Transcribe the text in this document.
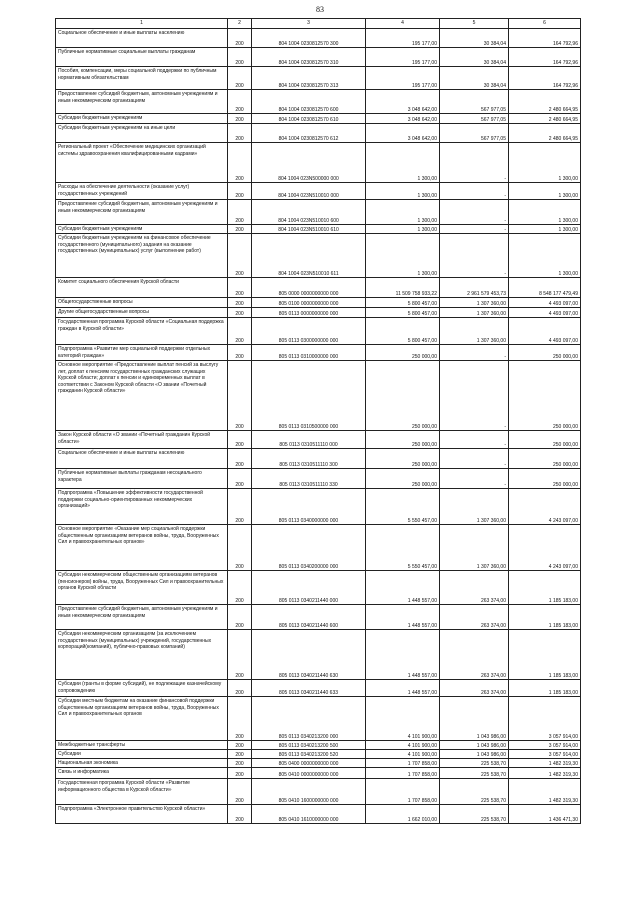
83
1	2	3	4	5	6
Социальное обеспечение и иные выплаты населению	200	804 1004 0230812570 300	195 177,00	30 384,04	164 792,96
Публичные нормативные социальные выплаты гражданам	200	804 1004 0230812570 310	195 177,00	30 384,04	164 792,96
Пособия, компенсации, меры социальной поддержки по публичным нормативным обязательствам	200	804 1004 0230812570 313	195 177,00	30 384,04	164 792,96
Предоставление субсидий бюджетным, автономным учреждениям и иным некоммерческим организациям	200	804 1004 0230812570 600	3 048 642,00	567 977,05	2 480 664,95
Субсидии бюджетным учреждениям	200	804 1004 0230812570 610	3 048 642,00	567 977,05	2 480 664,95
Субсидии бюджетным учреждениям на иные цели	200	804 1004 0230812570 612	3 048 642,00	567 977,05	2 480 664,95
Региональный проект «Обеспечение медицинских организаций системы здравоохранения квалифицированными кадрами»	200	804 1004 023N500000 000	1 300,00	-	1 300,00
Расходы на обеспечение деятельности (оказание услуг) государственных учреждений	200	804 1004 023N510010 000	1 300,00	-	1 300,00
Предоставление субсидий бюджетным, автономным учреждениям и иным некоммерческим организациям	200	804 1004 023N510010 600	1 300,00	-	1 300,00
Субсидии бюджетным учреждениям	200	804 1004 023N510010 610	1 300,00	-	1 300,00
Субсидии бюджетным учреждениям на финансовое обеспечение государственного (муниципального) задания на оказание государственных (муниципальных) услуг (выполнение работ)	200	804 1004 023N510010 611	1 300,00	-	1 300,00
Комитет социального обеспечения Курской области	200	805 0000 0000000000 000	11 509 758 933,22	2 961 579 453,73	8 548 177 479,49
Общегосударственные вопросы	200	805 0100 0000000000 000	5 800 457,00	1 307 360,00	4 493 097,00
Другие общегосударственные вопросы	200	805 0113 0000000000 000	5 800 457,00	1 307 360,00	4 493 097,00
Государственная программа Курской области «Социальная поддержка граждан в Курской области»	200	805 0113 0300000000 000	5 800 457,00	1 307 360,00	4 493 097,00
Подпрограмма «Развитие мер социальной поддержки отдельных категорий граждан»	200	805 0113 0310000000 000	250 000,00	-	250 000,00
Основное мероприятие «Предоставление выплат пенсий за выслугу лет, доплат к пенсиям государственных гражданских служащих Курской области; доплат к пенсии и единовременных выплат в соответствии с Законом Курской области «О звании «Почетный гражданин Курской области»	200	805 0113 0310500000 000	250 000,00	-	250 000,00
Закон Курской области «О звании «Почетный гражданин Курской области»	200	805 0113 0310511110 000	250 000,00	-	250 000,00
Социальное обеспечение и иные выплаты населению	200	805 0113 0310511110 300	250 000,00	-	250 000,00
Публичные нормативные выплаты гражданам несоциального характера	200	805 0113 0310511110 330	250 000,00	-	250 000,00
Подпрограмма «Повышение эффективности государственной поддержки социально-ориентированных некоммерческих организаций»	200	805 0113 0340000000 000	5 550 457,00	1 307 360,00	4 243 097,00
Основное мероприятие «Оказание мер социальной поддержки общественным организациям ветеранов войны, труда, Вооруженных Сил и правоохранительных органов»	200	805 0113 0340200000 000	5 550 457,00	1 307 360,00	4 243 097,00
Субсидии некоммерческим общественным организациям ветеранов (пенсионеров) войны, труда, Вооруженных Сил и правоохранительных органов Курской области	200	805 0113 0340211440 000	1 448 557,00	263 374,00	1 185 183,00
Предоставление субсидий бюджетным, автономным учреждениям и иным некоммерческим организациям	200	805 0113 0340211440 600	1 448 557,00	263 374,00	1 185 183,00
Субсидии некоммерческим организациям (за исключением государственных (муниципальных) учреждений, государственных корпораций(компаний), публично-правовых компаний)	200	805 0113 0340211440 630	1 448 557,00	263 374,00	1 185 183,00
Субсидии (гранты в форме субсидий), не подлежащие казначейскому сопровождению	200	805 0113 0340211440 633	1 448 557,00	263 374,00	1 185 183,00
Субсидии местным бюджетам на оказание финансовой поддержки общественным организациям ветеранов войны, труда, Вооруженных Сил и правоохранительных органов	200	805 0113 0340213200 000	4 101 900,00	1 043 986,00	3 057 914,00
Межбюджетные трансферты	200	805 0113 0340213200 500	4 101 900,00	1 043 986,00	3 057 914,00
Субсидии	200	805 0113 0340213200 520	4 101 900,00	1 043 986,00	3 057 914,00
Национальная экономика	200	805 0400 0000000000 000	1 707 858,00	225 538,70	1 482 319,30
Связь и информатика	200	805 0410 0000000000 000	1 707 858,00	225 538,70	1 482 319,30
Государственная программа Курской области «Развитие информационного общества в Курской области»	200	805 0410 1600000000 000	1 707 858,00	225 538,70	1 482 319,30
Подпрограмма «Электронное правительство Курской области»	200	805 0410 1610000000 000	1 662 010,00	225 538,70	1 436 471,30
